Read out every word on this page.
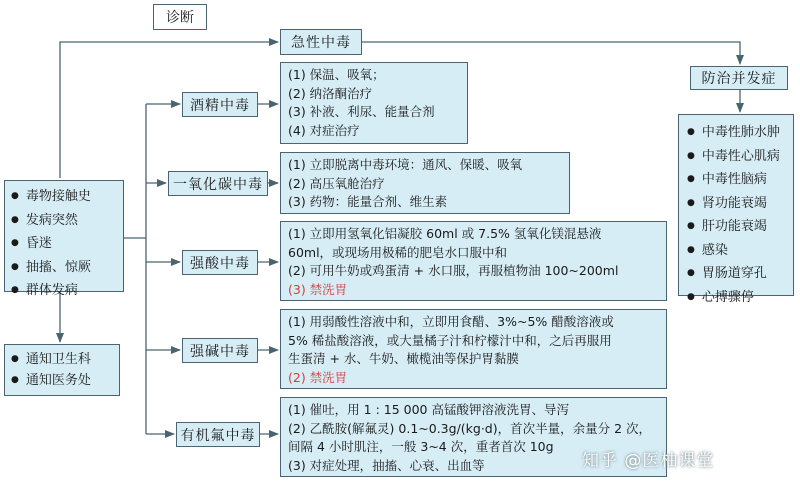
诊断
急性中毒
防治并发症
● 毒物接触史
● 发病突然
● 昏迷
● 抽搐、惊厥
● 群体发病
● 通知卫生科
● 通知医务处
酒精中毒
一氧化碳中毒
强酸中毒
强碱中毒
有机氟中毒
(1) 保温、吸氧；
(2) 纳洛酮治疗
(3) 补液、利尿、能量合剂
(4) 对症治疗
(1) 立即脱离中毒环境：通风、保暖、吸氧
(2) 高压氧舱治疗
(3) 药物：能量合剂、维生素
(1) 立即用氢氧化铝凝胶 60ml 或 7.5% 氢氧化镁混悬液
60ml，或现场用极稀的肥皂水口服中和
(2) 可用牛奶或鸡蛋清 + 水口服，再服植物油 100~200ml
(3) 禁洗胃
(1) 用弱酸性溶液中和，立即用食醋、3%~5% 醋酸溶液或
5% 稀盐酸溶液，或大量橘子汁和柠檬汁中和，之后再服用
生蛋清 + 水、牛奶、橄榄油等保护胃黏膜
(2) 禁洗胃
(1) 催吐，用 1 : 15 000 高锰酸钾溶液洗胃、导泻
(2) 乙酰胺(解氟灵) 0.1~0.3g/(kg·d)，首次半量，余量分 2 次，
间隔 4 小时肌注，一般 3~4 次，重者首次 10g
(3) 对症处理，抽搐、心衰、出血等
● 中毒性肺水肿
● 中毒性心肌病
● 中毒性脑病
● 肾功能衰竭
● 肝功能衰竭
● 感染
● 胃肠道穿孔
● 心搏骤停
知乎 @医柚课堂
